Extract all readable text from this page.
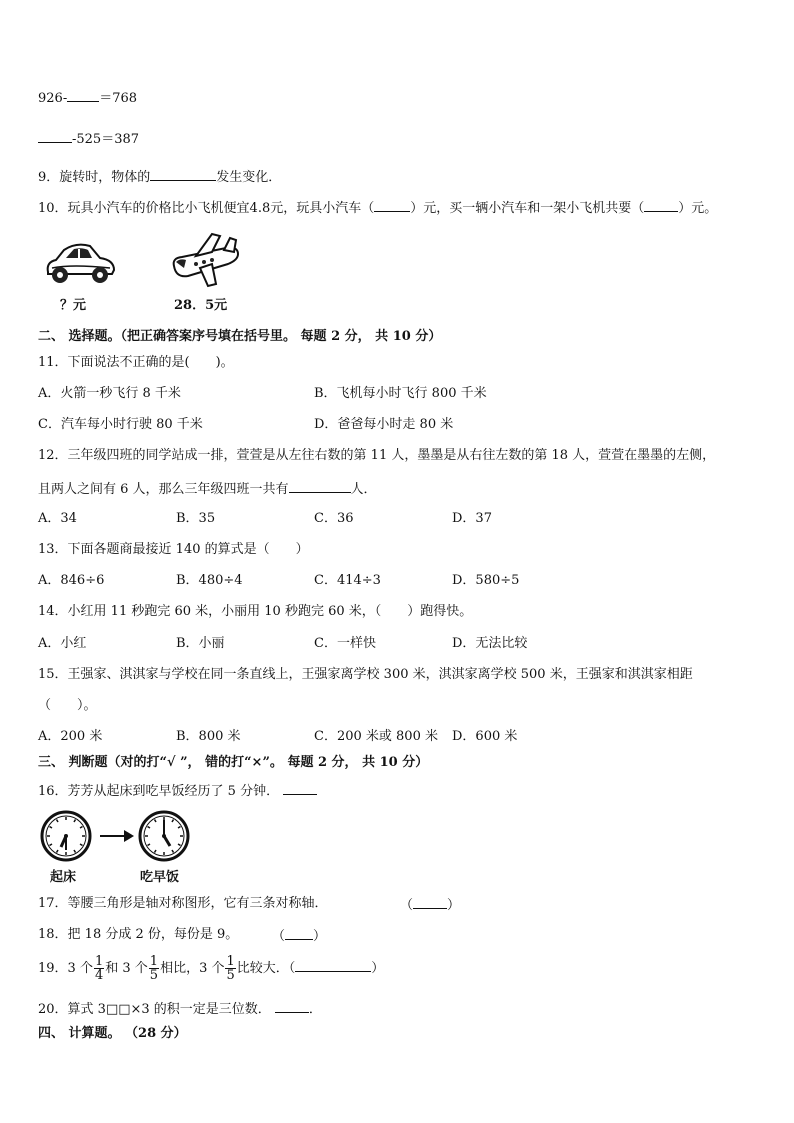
926- ＝768
-525＝387
9．旋转时，物体的	发生变化．
10．玩具小汽车的价格比小飞机便宜4.8元，玩具小汽车（	）元，买一辆小汽车和一架小飞机共要（	）元。
？元	28．5元
二、 选择题。（把正确答案序号填在括号里。 每题 2 分， 共 10 分）
11．下面说法不正确的是(　　)。
A．火箭一秒飞行 8 千米	B．飞机每小时飞行 800 千米
C．汽车每小时行驶 80 千米	D．爸爸每小时走 80 米
12．三年级四班的同学站成一排，萱萱是从左往右数的第 11 人，墨墨是从右往左数的第 18 人，萱萱在墨墨的左侧，
且两人之间有 6 人，那么三年级四班一共有	人．
A．34	B．35	C．36	D．37
13．下面各题商最接近 140 的算式是（　　）
A．846÷6	B．480÷4	C．414÷3	D．580÷5
14．小红用 11 秒跑完 60 米，小丽用 10 秒跑完 60 米，（　　）跑得快。
A．小红	B．小丽	C．一样快	D．无法比较
15．王强家、淇淇家与学校在同一条直线上，王强家离学校 300 米，淇淇家离学校 500 米，王强家和淇淇家相距
（　　）。
A．200 米	B．800 米	C．200 米或 800 米 D．600 米
三、 判断题（对的打“√ ”， 错的打“×”。 每题 2 分， 共 10 分）
16．芳芳从起床到吃早饭经历了 5 分钟．
起床	吃早饭
17．等腰三角形是轴对称图形，它有三条对称轴．	（	）
18．把 18 分成 2 份，每份是 9。	（ ）
19．3 个 $\frac{1}{4}$ 和 3 个 $\frac{1}{5}$ 相比，3 个 $\frac{1}{5}$ 比较大．（	）
20．算式 3□□×3 的积一定是三位数．	．
四、 计算题。 （28 分）
